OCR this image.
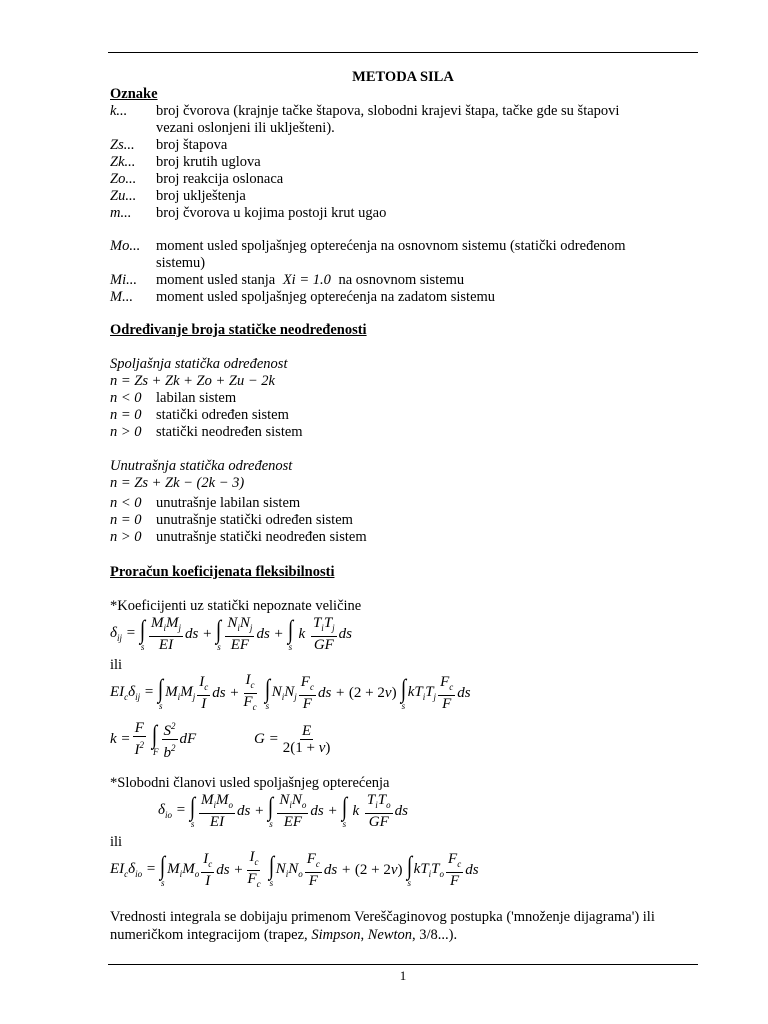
METODA SILA
Oznake
k... broj čvorova (krajnje tačke štapova, slobodni krajevi štapa, tačke gde su štapovi
vezani oslonjeni ili uklješteni).
Zs... broj štapova
Zk... broj krutih uglova
Zo... broj reakcija oslonaca
Zu... broj uklještenja
m... broj čvorova u kojima postoji krut ugao
Mo... moment usled spoljašnjeg opterećenja na osnovnom sistemu (statički određenom
sistemu)
Mi... moment usled stanja Xi = 1.0 na osnovnom sistemu
M... moment usled spoljašnjeg opterećenja na zadatom sistemu
Određivanje broja statičke neodređenosti
Spoljašnja statička određenost
n = Zs + Zk + Zo + Zu − 2k
n < 0 labilan sistem
n = 0 statički određen sistem
n > 0 statički neodređen sistem
Unutrašnja statička određenost
n = Zs + Zk − (2k − 3)
n < 0 unutrašnje labilan sistem
n = 0 unutrašnje statički određen sistem
n > 0 unutrašnje statički neodređen sistem
Proračun koeficijenata fleksibilnosti
*Koeficijenti uz statički nepoznate veličine
$\delta_{ij}$ = ∫
s $\frac{M_iM_j}{EI}$ ds + ∫
s $\frac{N_iN_j}{EF}$ ds + ∫
s
k $\frac{T_iT_j}{GF}$ ds
ili
$EI_c\delta_{ij}$ = ∫
s
$M_iM_j \frac{I_c}{I}$ ds + $\frac{I_c}{F_c}$ ∫
s
$N_iN_j \frac{F_c}{F}$ ds + (2 + 2ν) ∫
s
$kT_iT_j \frac{F_c}{F}$ ds
$k = \frac{F}{I^2}$ ∫
F $\frac{S^2}{b^2}$ dF	$G = \frac{E}{2(1 + \nu)}$
*Slobodni članovi usled spoljašnjeg opterećenja
$\delta_{io}$ = ∫
s $\frac{M_iM_o}{EI}$ ds + ∫
s $\frac{N_iN_o}{EF}$ ds + ∫
s
k $\frac{T_iT_o}{GF}$ ds
ili
$EI_c\delta_{io}$ = ∫
s
$M_iM_o \frac{I_c}{I}$ ds + $\frac{I_c}{F_c}$ ∫
s
$N_iN_o \frac{F_c}{F}$ ds + (2 + 2ν) ∫
s
$kT_iT_o \frac{F_c}{F}$ ds
Vrednosti integrala se dobijaju primenom Vereščaginovog postupka ('množenje dijagrama') ili
numeričkom integracijom (trapez, Simpson, Newton, 3/8...).
1
